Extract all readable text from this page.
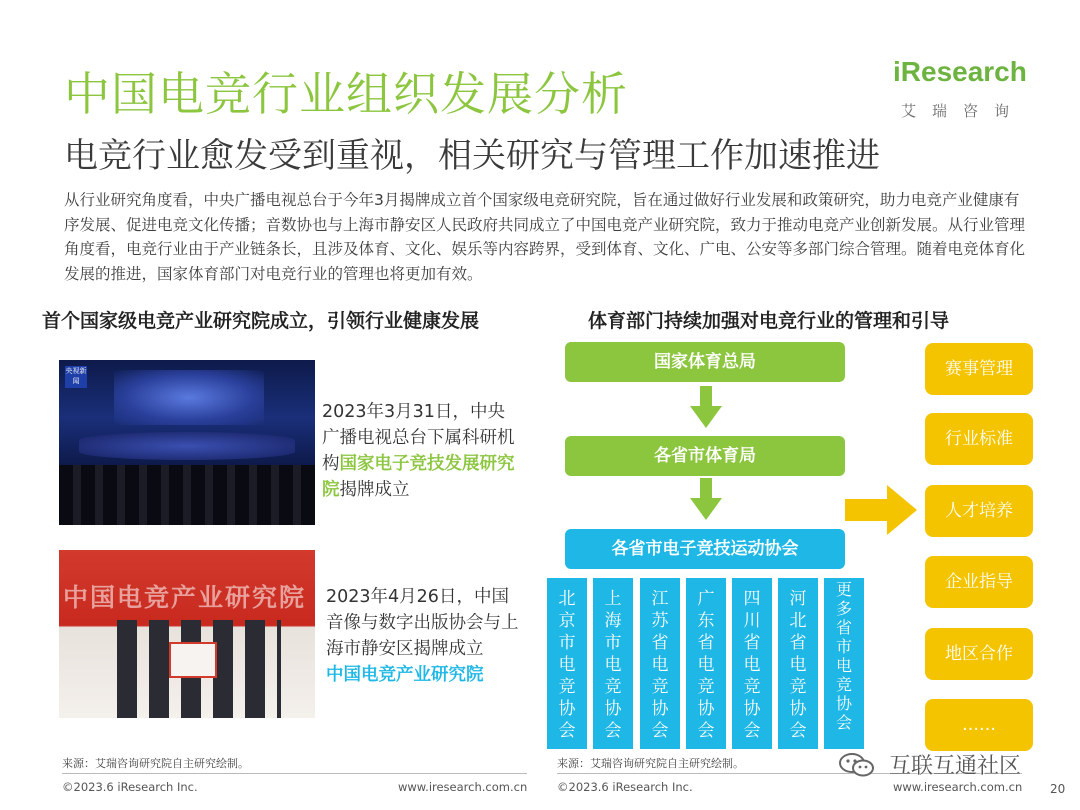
中国电竞行业组织发展分析
电竞行业愈发受到重视，相关研究与管理工作加速推进
iResearch
艾瑞咨询
从行业研究角度看，中央广播电视总台于今年3月揭牌成立首个国家级电竞研究院，旨在通过做好行业发展和政策研究，助力电竞产业健康有序发展、促进电竞文化传播；音数协也与上海市静安区人民政府共同成立了中国电竞产业研究院，致力于推动电竞产业创新发展。从行业管理角度看，电竞行业由于产业链条长，且涉及体育、文化、娱乐等内容跨界，受到体育、文化、广电、公安等多部门综合管理。随着电竞体育化发展的推进，国家体育部门对电竞行业的管理也将更加有效。
首个国家级电竞产业研究院成立，引领行业健康发展	体育部门持续加强对电竞行业的管理和引导
央视新闻
2023年3月31日，中央广播电视总台下属科研机构国家电子竞技发展研究院揭牌成立
中国电竞产业研究院 2023年4月26日，中国音像与数字出版协会与上海市静安区揭牌成立
中国电竞产业研究院
国家体育总局
各省市体育局
各省市电子竞技运动协会
北
京
市
电
竞
协
会
上
海
市
电
竞
协
会
江
苏
省
电
竞
协
会
广
东
省
电
竞
协
会
四
川
省
电
竞
协
会
河
北
省
电
竞
协
会
更
多
省
市
电
竞
协
会
赛事管理
行业标准
人才培养
企业指导
地区合作
……
来源：艾瑞咨询研究院自主研究绘制。	来源：艾瑞咨询研究院自主研究绘制。
©2023.6 iResearch Inc.	www.iresearch.com.cn	©2023.6 iResearch Inc.	www.iresearch.com.cn 20
互联互通社区
